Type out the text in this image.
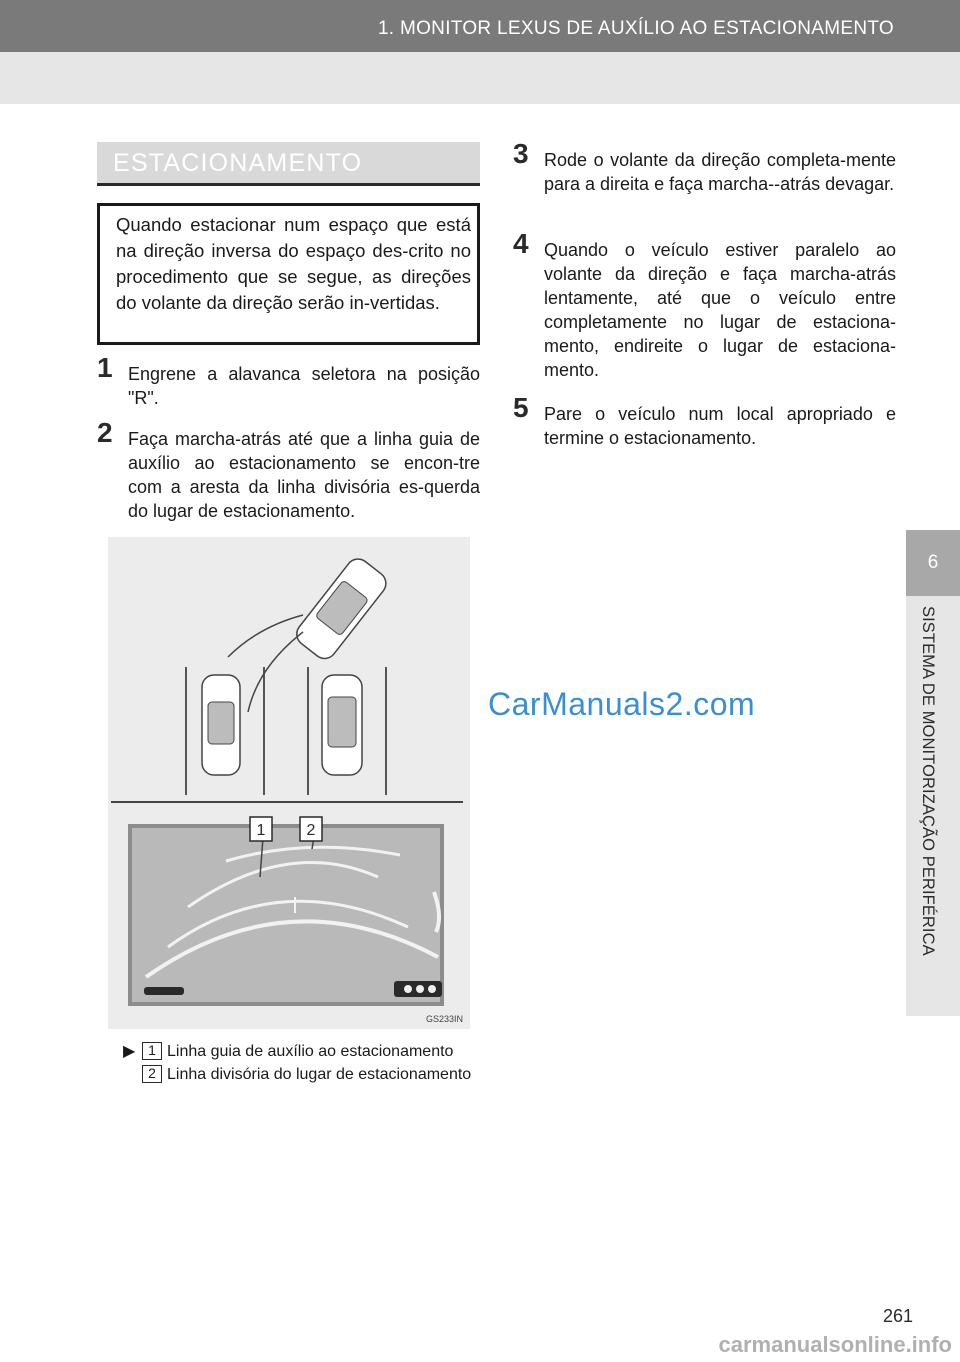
1. MONITOR LEXUS DE AUXÍLIO AO ESTACIONAMENTO
6
SISTEMA DE MONITORIZAÇÃO PERIFÉRICA
ESTACIONAMENTO
Quando estacionar num espaço que está na direção inversa do espaço des-crito no procedimento que se segue, as direções do volante da direção serão in-vertidas.
1 Engrene a alavanca seletora na posição "R".
2 Faça marcha-atrás até que a linha guia de auxílio ao estacionamento se encon-tre com a aresta da linha divisória es-querda do lugar de estacionamento.
1	2
GS233IN
▶ 1 Linha guia de auxílio ao estacionamento
2 Linha divisória do lugar de estacionamento
3 Rode o volante da direção completa-mente para a direita e faça marcha--atrás devagar.
4 Quando o veículo estiver paralelo ao volante da direção e faça marcha-atrás lentamente, até que o veículo entre completamente no lugar de estaciona-mento, endireite o lugar de estaciona-mento.
5 Pare o veículo num local apropriado e termine o estacionamento.
CarManuals2.com
261
carmanualsonline.info
